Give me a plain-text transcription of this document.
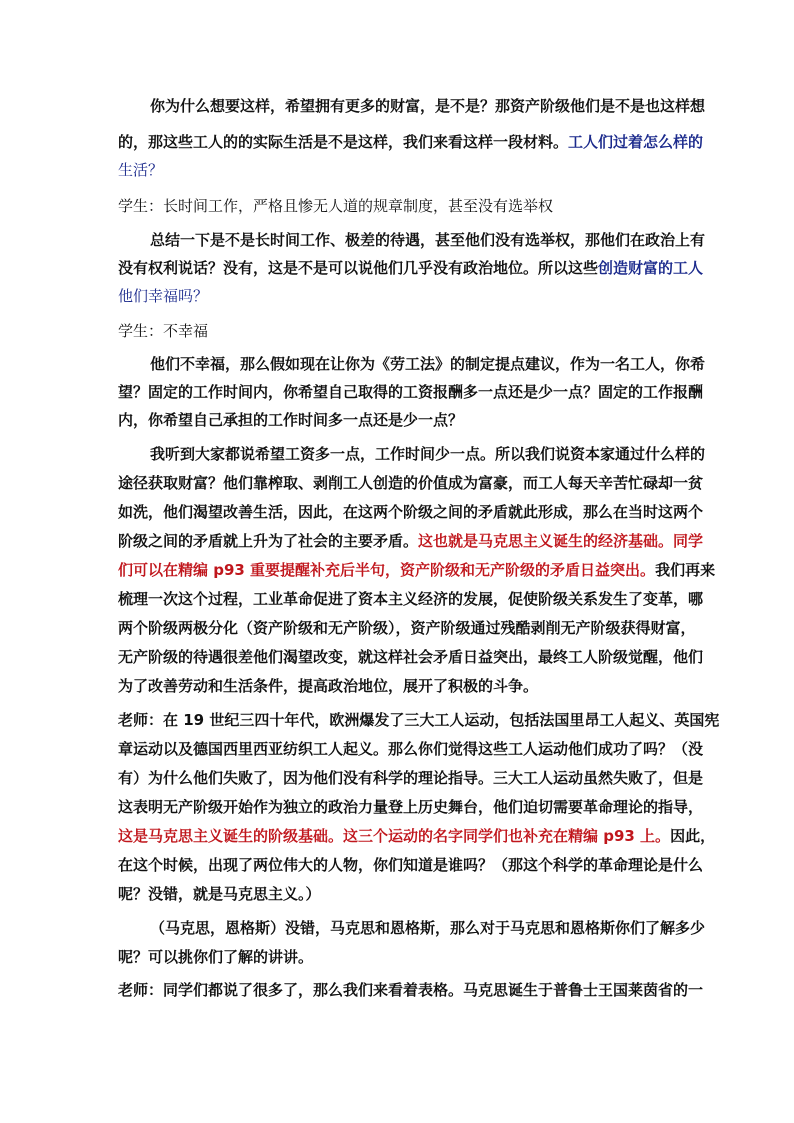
你为什么想要这样，希望拥有更多的财富，是不是？那资产阶级他们是不是也这样想
的，那这些工人的的实际生活是不是这样，我们来看这样一段材料。工人们过着怎么样的
生活？
学生：长时间工作，严格且惨无人道的规章制度，甚至没有选举权
总结一下是不是长时间工作、极差的待遇，甚至他们没有选举权，那他们在政治上有
没有权利说话？没有，这是不是可以说他们几乎没有政治地位。所以这些创造财富的工人
他们幸福吗？
学生：不幸福
他们不幸福，那么假如现在让你为《劳工法》的制定提点建议，作为一名工人，你希
望？固定的工作时间内，你希望自己取得的工资报酬多一点还是少一点？固定的工作报酬
内，你希望自己承担的工作时间多一点还是少一点？
我听到大家都说希望工资多一点，工作时间少一点。所以我们说资本家通过什么样的
途径获取财富？他们靠榨取、剥削工人创造的价值成为富豪，而工人每天辛苦忙碌却一贫
如洗，他们渴望改善生活，因此，在这两个阶级之间的矛盾就此形成，那么在当时这两个
阶级之间的矛盾就上升为了社会的主要矛盾。这也就是马克思主义诞生的经济基础。同学
们可以在精编 p93 重要提醒补充后半句，资产阶级和无产阶级的矛盾日益突出。我们再来
梳理一次这个过程，工业革命促进了资本主义经济的发展，促使阶级关系发生了变革，哪
两个阶级两极分化（资产阶级和无产阶级），资产阶级通过残酷剥削无产阶级获得财富，
无产阶级的待遇很差他们渴望改变，就这样社会矛盾日益突出，最终工人阶级觉醒，他们
为了改善劳动和生活条件，提高政治地位，展开了积极的斗争。
老师：在 19 世纪三四十年代，欧洲爆发了三大工人运动，包括法国里昂工人起义、英国宪
章运动以及德国西里西亚纺织工人起义。那么你们觉得这些工人运动他们成功了吗？（没
有）为什么他们失败了，因为他们没有科学的理论指导。三大工人运动虽然失败了，但是
这表明无产阶级开始作为独立的政治力量登上历史舞台，他们迫切需要革命理论的指导，
这是马克思主义诞生的阶级基础。这三个运动的名字同学们也补充在精编 p93 上。因此，
在这个时候，出现了两位伟大的人物，你们知道是谁吗？（那这个科学的革命理论是什么
呢？没错，就是马克思主义。）
（马克思，恩格斯）没错，马克思和恩格斯，那么对于马克思和恩格斯你们了解多少
呢？可以挑你们了解的讲讲。
老师：同学们都说了很多了，那么我们来看着表格。马克思诞生于普鲁士王国莱茵省的一
